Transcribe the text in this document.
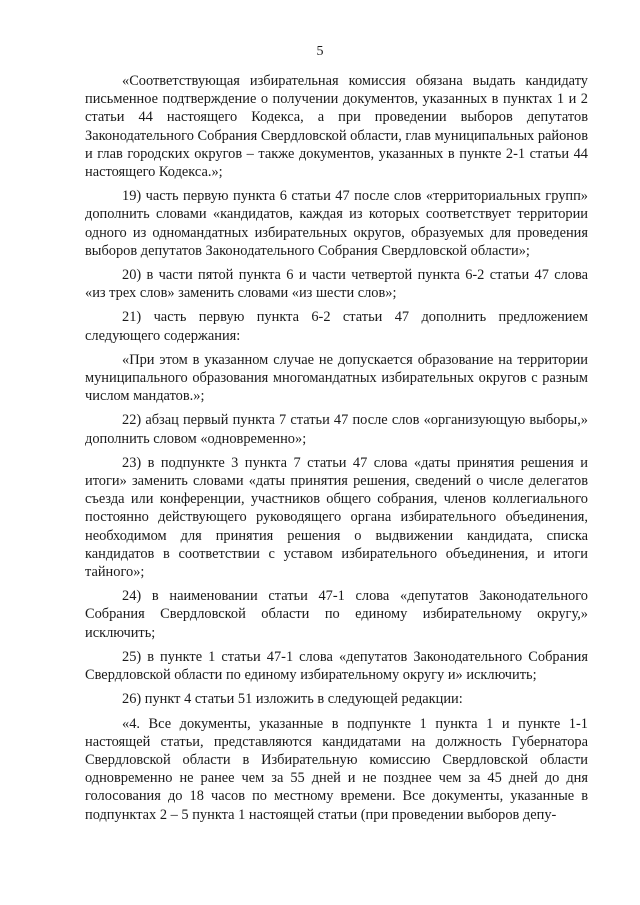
5

«Соответствующая избирательная комиссия обязана выдать кандидату письменное подтверждение о получении документов, указанных в пунктах 1 и 2 статьи 44 настоящего Кодекса, а при проведении выборов депутатов Законодательного Собрания Свердловской области, глав муниципальных районов и глав городских округов – также документов, указанных в пункте 2-1 статьи 44 настоящего Кодекса.»;

19) часть первую пункта 6 статьи 47 после слов «территориальных групп» дополнить словами «кандидатов, каждая из которых соответствует территории одного из одномандатных избирательных округов, образуемых для проведения выборов депутатов Законодательного Собрания Свердловской области»;

20) в части пятой пункта 6 и части четвертой пункта 6-2 статьи 47 слова «из трех слов» заменить словами «из шести слов»;

21) часть первую пункта 6-2 статьи 47 дополнить предложением следующего содержания:

«При этом в указанном случае не допускается образование на территории муниципального образования многомандатных избирательных округов с разным числом мандатов.»;

22) абзац первый пункта 7 статьи 47 после слов «организующую выборы,» дополнить словом «одновременно»;

23) в подпункте 3 пункта 7 статьи 47 слова «даты принятия решения и итоги» заменить словами «даты принятия решения, сведений о числе делегатов съезда или конференции, участников общего собрания, членов коллегиального постоянно действующего руководящего органа избирательного объединения, необходимом для принятия решения о выдвижении кандидата, списка кандидатов в соответствии с уставом избирательного объединения, и итоги тайного»;

24) в наименовании статьи 47-1 слова «депутатов Законодательного Собрания Свердловской области по единому избирательному округу,» исключить;

25) в пункте 1 статьи 47-1 слова «депутатов Законодательного Собрания Свердловской области по единому избирательному округу и» исключить;

26) пункт 4 статьи 51 изложить в следующей редакции:

«4. Все документы, указанные в подпункте 1 пункта 1 и пункте 1-1 настоящей статьи, представляются кандидатами на должность Губернатора Свердловской области в Избирательную комиссию Свердловской области одновременно не ранее чем за 55 дней и не позднее чем за 45 дней до дня голосования до 18 часов по местному времени. Все документы, указанные в подпунктах 2 – 5 пункта 1 настоящей статьи (при проведении выборов депу-
